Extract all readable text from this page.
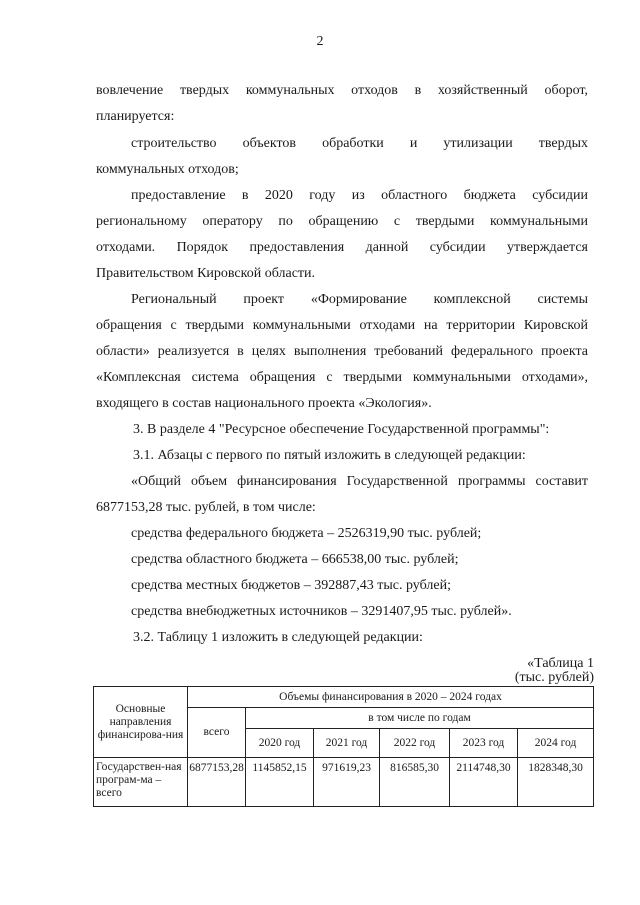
2
вовлечение твердых коммунальных отходов в хозяйственный оборот,
планируется:
строительство объектов обработки и утилизации твердых
коммунальных отходов;
предоставление в 2020 году из областного бюджета субсидии
региональному оператору по обращению с твердыми коммунальными
отходами. Порядок предоставления данной субсидии утверждается
Правительством Кировской области.
Региональный проект «Формирование комплексной системы
обращения с твердыми коммунальными отходами на территории Кировской
области» реализуется в целях выполнения требований федерального проекта
«Комплексная система обращения с твердыми коммунальными отходами»,
входящего в состав национального проекта «Экология».
3. В разделе 4 "Ресурсное обеспечение Государственной программы":
3.1. Абзацы с первого по пятый изложить в следующей редакции:
«Общий объем финансирования Государственной программы составит
6877153,28 тыс. рублей, в том числе:
средства федерального бюджета – 2526319,90 тыс. рублей;
средства областного бюджета – 666538,00 тыс. рублей;
средства местных бюджетов – 392887,43 тыс. рублей;
средства внебюджетных источников – 3291407,95 тыс. рублей».
3.2. Таблицу 1 изложить в следующей редакции:
«Таблица 1
(тыс. рублей)
Основные направления финансирова-ния	Объемы финансирования в 2020 – 2024 годах					
	всего	в том числе по годам				
		2020 год	2021 год	2022 год	2023 год	2024 год
Государствен-ная програм-ма – всего	6877153,28	1145852,15	971619,23	816585,30	2114748,30	1828348,30
